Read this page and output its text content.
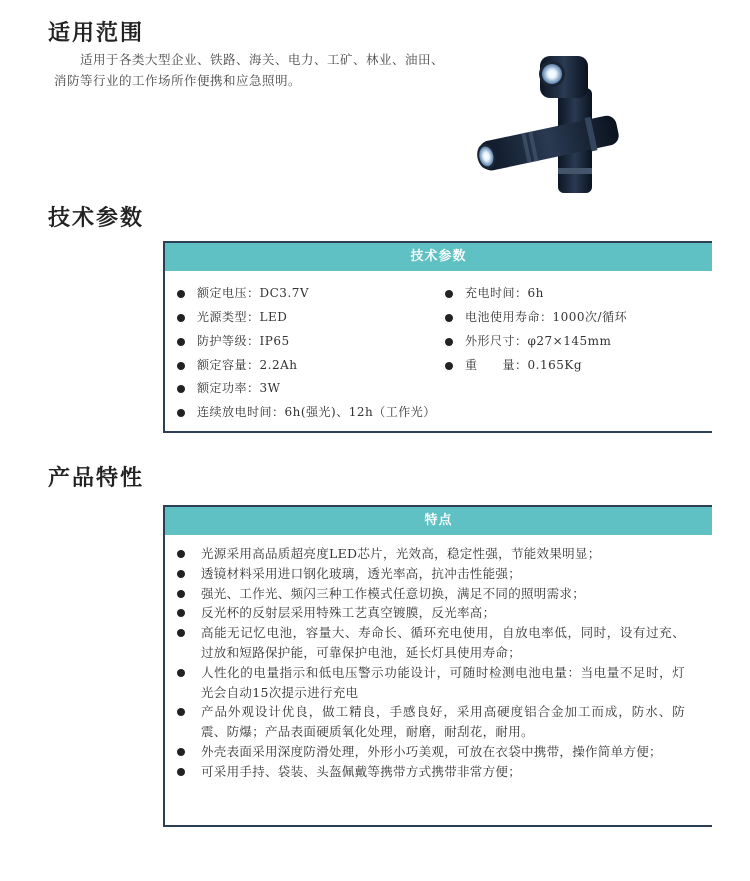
适用范围

适用于各类大型企业、铁路、海关、电力、工矿、林业、油田、消防等行业的工作场所作便携和应急照明。

技术参数
技术参数
额定电压：DC3.7V
光源类型：LED
防护等级：IP65
额定容量：2.2Ah
额定功率：3W
充电时间：6h
电池使用寿命：1000次/循环
外形尺寸：φ27×145mm
重　　量：0.165Kg
连续放电时间：6h(强光)、12h（工作光）
产品特性
特点
光源采用高品质超亮度LED芯片，光效高，稳定性强，节能效果明显；
透镜材料采用进口钢化玻璃，透光率高，抗冲击性能强；
强光、工作光、频闪三种工作模式任意切换，满足不同的照明需求；
反光杯的反射层采用特殊工艺真空镀膜，反光率高；
高能无记忆电池，容量大、寿命长、循环充电使用，自放电率低，同时，设有过充、过放和短路保护能，可靠保护电池，延长灯具使用寿命；
人性化的电量指示和低电压警示功能设计，可随时检测电池电量：当电量不足时，灯光会自动15次提示进行充电
产品外观设计优良，做工精良，手感良好，采用高硬度铝合金加工而成，防水、防震、防爆；产品表面硬质氧化处理，耐磨，耐刮花，耐用。
外壳表面采用深度防滑处理，外形小巧美观，可放在衣袋中携带，操作简单方便；
可采用手持、袋装、头盔佩戴等携带方式携带非常方便；
